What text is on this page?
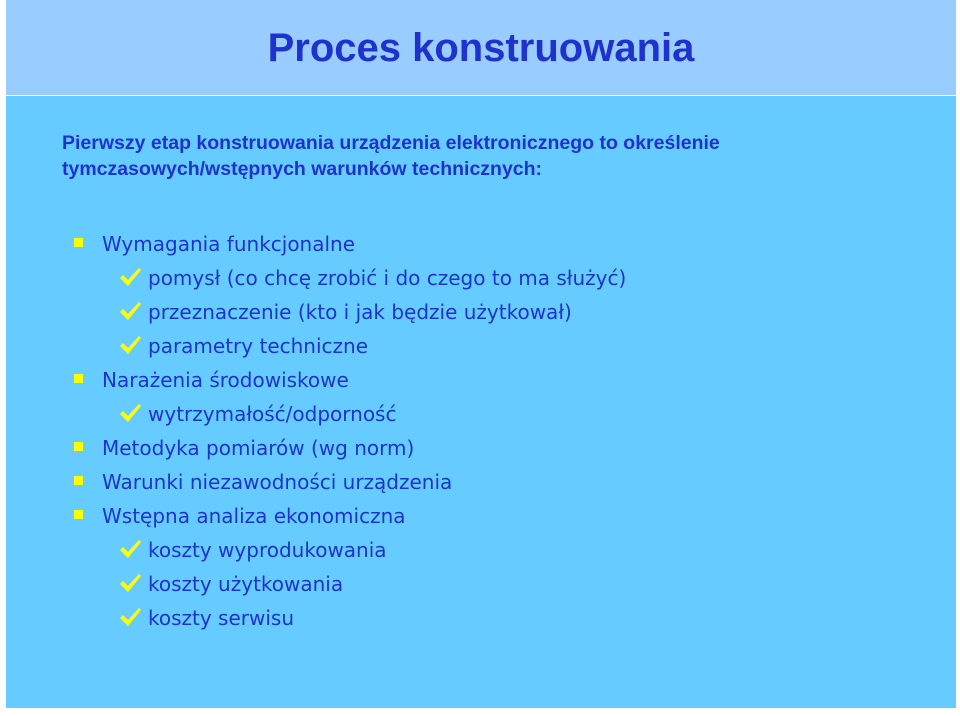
Proces konstruowania

Pierwszy etap konstruowania urządzenia elektronicznego to określenie tymczasowych/wstępnych warunków technicznych:

Wymagania funkcjonalne
pomysł (co chcę zrobić i do czego to ma służyć)
przeznaczenie (kto i jak będzie użytkował)
parametry techniczne
Narażenia środowiskowe
wytrzymałość/odporność
Metodyka pomiarów (wg norm)
Warunki niezawodności urządzenia
Wstępna analiza ekonomiczna
koszty wyprodukowania
koszty użytkowania
koszty serwisu
